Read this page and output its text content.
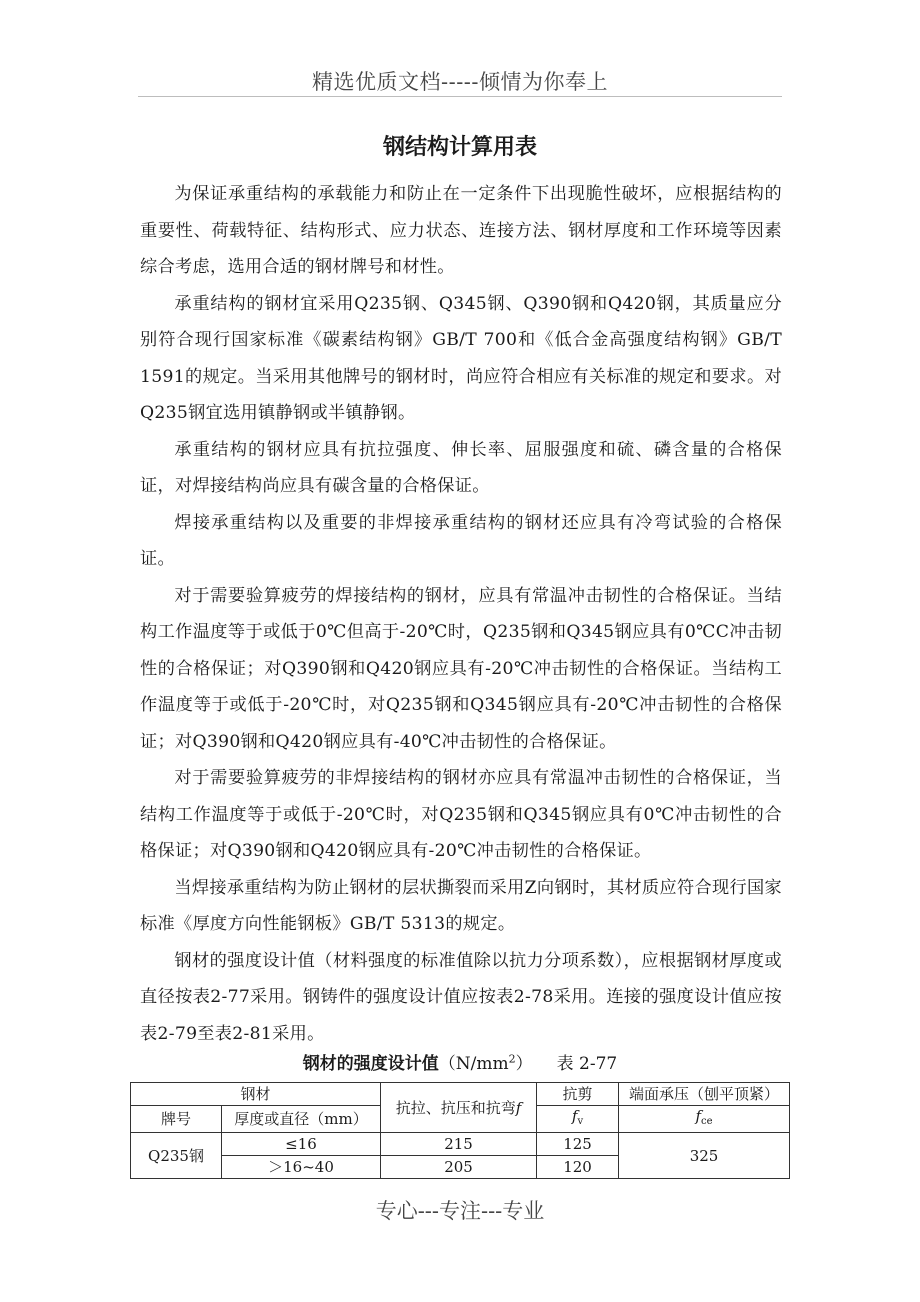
精选优质文档-----倾情为你奉上
钢结构计算用表

为保证承重结构的承载能力和防止在一定条件下出现脆性破坏，应根据结构的重要性、荷载特征、结构形式、应力状态、连接方法、钢材厚度和工作环境等因素综合考虑，选用合适的钢材牌号和材性。

承重结构的钢材宜采用Q235钢、Q345钢、Q390钢和Q420钢，其质量应分别符合现行国家标准《碳素结构钢》GB/T 700和《低合金高强度结构钢》GB/T 1591的规定。当采用其他牌号的钢材时，尚应符合相应有关标准的规定和要求。对Q235钢宜选用镇静钢或半镇静钢。

承重结构的钢材应具有抗拉强度、伸长率、屈服强度和硫、磷含量的合格保证，对焊接结构尚应具有碳含量的合格保证。

焊接承重结构以及重要的非焊接承重结构的钢材还应具有冷弯试验的合格保证。

对于需要验算疲劳的焊接结构的钢材，应具有常温冲击韧性的合格保证。当结构工作温度等于或低于0℃但高于-20℃时，Q235钢和Q345钢应具有0℃C冲击韧性的合格保证；对Q390钢和Q420钢应具有-20℃冲击韧性的合格保证。当结构工作温度等于或低于-20℃时，对Q235钢和Q345钢应具有-20℃冲击韧性的合格保证；对Q390钢和Q420钢应具有-40℃冲击韧性的合格保证。

对于需要验算疲劳的非焊接结构的钢材亦应具有常温冲击韧性的合格保证，当结构工作温度等于或低于-20℃时，对Q235钢和Q345钢应具有0℃冲击韧性的合格保证；对Q390钢和Q420钢应具有-20℃冲击韧性的合格保证。

当焊接承重结构为防止钢材的层状撕裂而采用Z向钢时，其材质应符合现行国家标准《厚度方向性能钢板》GB/T 5313的规定。

钢材的强度设计值（材料强度的标准值除以抗力分项系数），应根据钢材厚度或直径按表2-77采用。钢铸件的强度设计值应按表2-78采用。连接的强度设计值应按表2-79至表2-81采用。

钢材的强度设计值$(N/mm^2)$ 表 2-77
钢材		抗拉、抗压和抗弯f	抗剪	端面承压（刨平顶紧）
牌号	厚度或直径（mm）		$f_v$	$f_{ce}$
Q235钢	≤16	215	125	325
	＞16~40	205	120	
专心---专注---专业
